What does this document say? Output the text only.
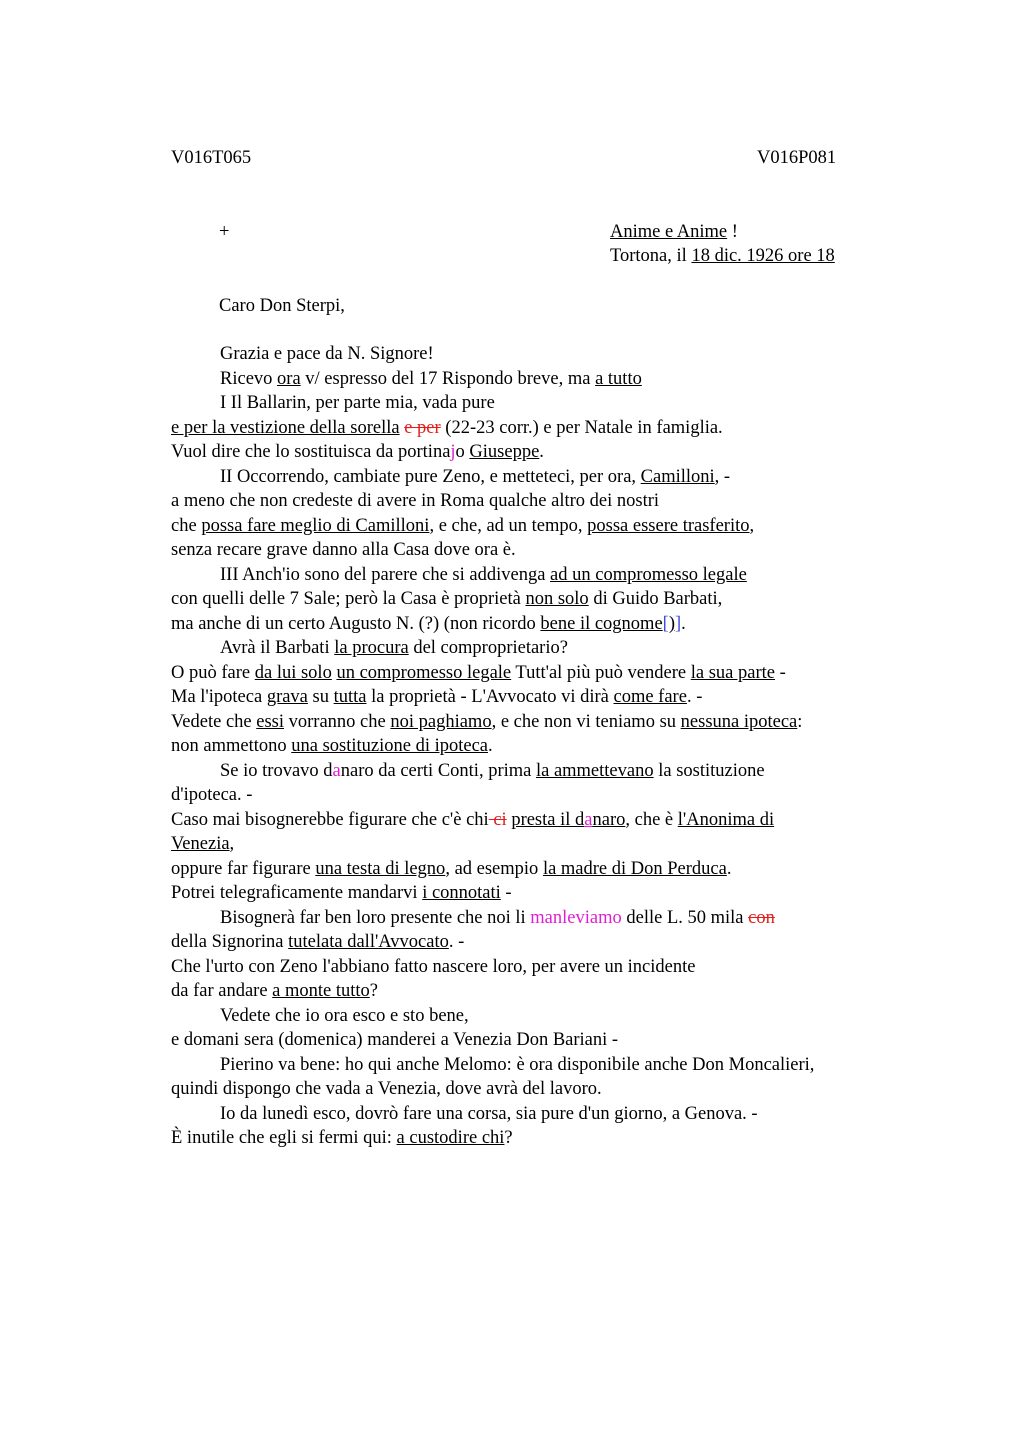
V016T065	V016P081
+	Anime e Anime !
Tortona, il 18 dic. 1926 ore 18
Caro Don Sterpi,
Grazia e pace da N. Signore!
Ricevo ora v/ espresso del 17 Rispondo breve, ma a tutto
I Il Ballarin, per parte mia, vada pure
e per la vestizione della sorella e per (22-23 corr.) e per Natale in famiglia.
Vuol dire che lo sostituisca da portinajo Giuseppe.
II Occorrendo, cambiate pure Zeno, e metteteci, per ora, Camilloni, -
a meno che non credeste di avere in Roma qualche altro dei nostri
che possa fare meglio di Camilloni, e che, ad un tempo, possa essere trasferito,
senza recare grave danno alla Casa dove ora è.
III Anch'io sono del parere che si addivenga ad un compromesso legale
con quelli delle 7 Sale; però la Casa è proprietà non solo di Guido Barbati,
ma anche di un certo Augusto N. (?) (non ricordo bene il cognome[)].
Avrà il Barbati la procura del comproprietario?
O può fare da lui solo un compromesso legale Tutt'al più può vendere la sua parte -
Ma l'ipoteca grava su tutta la proprietà - L'Avvocato vi dirà come fare. -
Vedete che essi vorranno che noi paghiamo, e che non vi teniamo su nessuna ipoteca:
non ammettono una sostituzione di ipoteca.
Se io trovavo danaro da certi Conti, prima la ammettevano la sostituzione
d'ipoteca. -
Caso mai bisognerebbe figurare che c'è chi ci presta il danaro, che è l'Anonima di
Venezia,
oppure far figurare una testa di legno, ad esempio la madre di Don Perduca.
Potrei telegraficamente mandarvi i connotati -
Bisognerà far ben loro presente che noi li manleviamo delle L. 50 mila con
della Signorina tutelata dall'Avvocato. -
Che l'urto con Zeno l'abbiano fatto nascere loro, per avere un incidente
da far andare a monte tutto?
Vedete che io ora esco e sto bene,
e domani sera (domenica) manderei a Venezia Don Bariani -
Pierino va bene: ho qui anche Melomo: è ora disponibile anche Don Moncalieri,
quindi dispongo che vada a Venezia, dove avrà del lavoro.
Io da lunedì esco, dovrò fare una corsa, sia pure d'un giorno, a Genova. -
È inutile che egli si fermi qui: a custodire chi?
